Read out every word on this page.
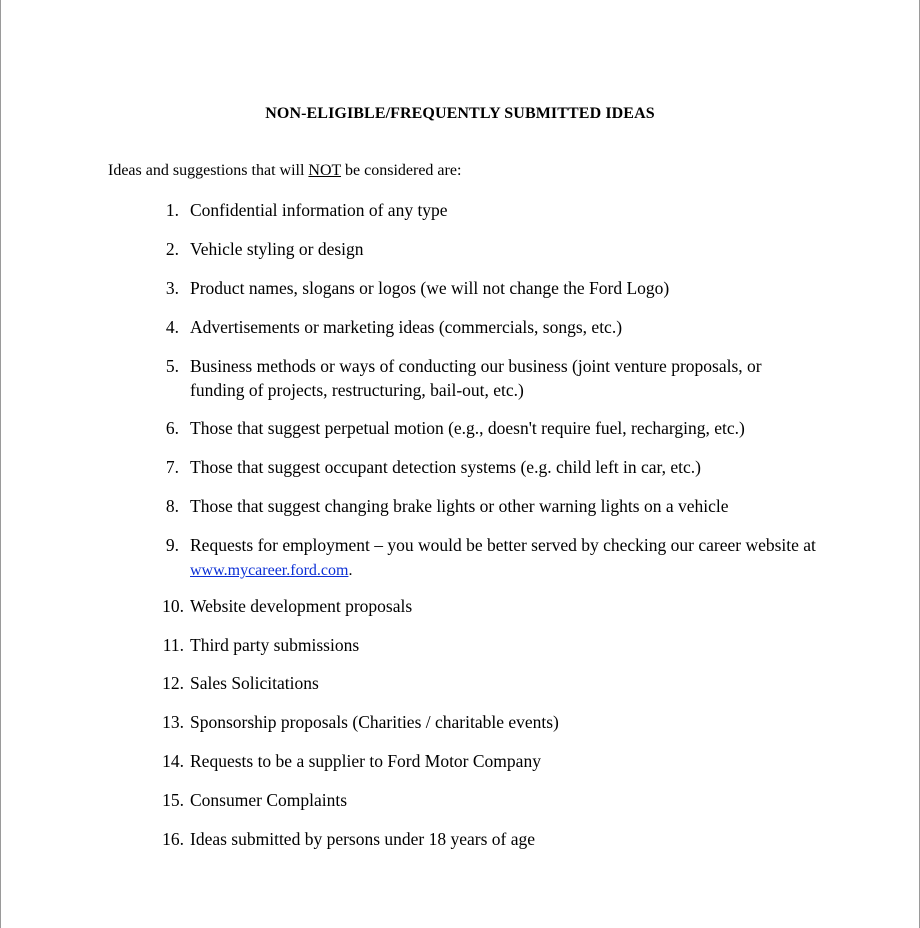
NON-ELIGIBLE/FREQUENTLY SUBMITTED IDEAS
Ideas and suggestions that will NOT be considered are:
1. Confidential information of any type
2. Vehicle styling or design
3. Product names, slogans or logos (we will not change the Ford Logo)
4. Advertisements or marketing ideas (commercials, songs, etc.)
5. Business methods or ways of conducting our business (joint venture proposals, or funding of projects, restructuring, bail-out, etc.)
6. Those that suggest perpetual motion (e.g., doesn't require fuel, recharging, etc.)
7. Those that suggest occupant detection systems (e.g. child left in car, etc.)
8. Those that suggest changing brake lights or other warning lights on a vehicle
9. Requests for employment – you would be better served by checking our career website at
www.mycareer.ford.com.
10. Website development proposals
11. Third party submissions
12. Sales Solicitations
13. Sponsorship proposals (Charities / charitable events)
14. Requests to be a supplier to Ford Motor Company
15. Consumer Complaints
16. Ideas submitted by persons under 18 years of age
